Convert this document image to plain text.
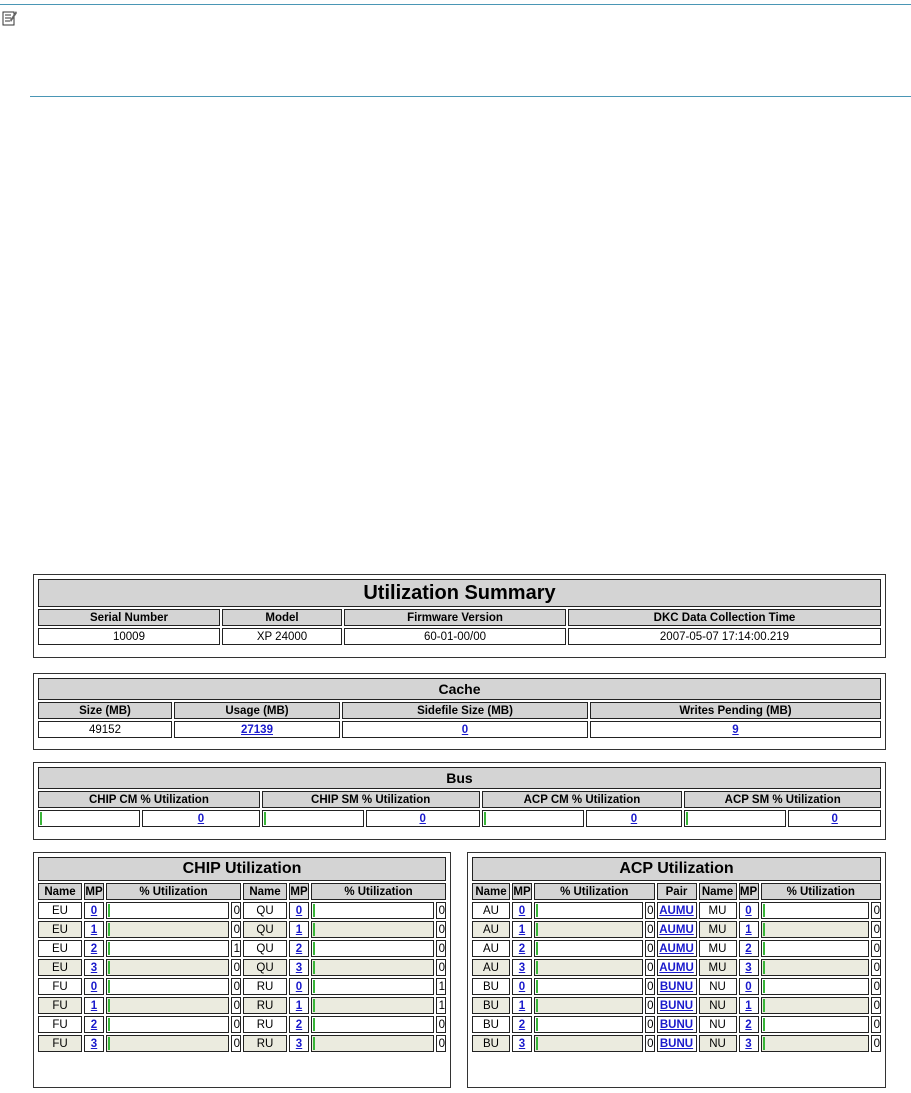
Utilization Summary			
Serial Number	Model	Firmware Version	DKC Data Collection Time
10009	XP 24000	60-01-00/00	2007-05-07 17:14:00.219
Cache			
Size (MB)	Usage (MB)	Sidefile Size (MB)	Writes Pending (MB)
49152	27139	0	9
Bus							
CHIP CM % Utilization		CHIP SM % Utilization		ACP CM % Utilization		ACP SM % Utilization	

	0		0		0		0
CHIP Utilization							
Name	MP	% Utilization		Name	MP	% Utilization	
EU	0		0	QU	0		0
EU	1		0	QU	1		0
EU	2		1	QU	2		0
EU	3		0	QU	3		0
FU	0		0	RU	0		1
FU	1		0	RU	1		1
FU	2		0	RU	2		0
FU	3		0	RU	3		0
ACP Utilization								
Name	MP	% Utilization		Pair	Name	MP	% Utilization	
AU	0		0	AUMU	MU	0		0
AU	1		0	AUMU	MU	1		0
AU	2		0	AUMU	MU	2		0
AU	3		0	AUMU	MU	3		0
BU	0		0	BUNU	NU	0		0
BU	1		0	BUNU	NU	1		0
BU	2		0	BUNU	NU	2		0
BU	3		0	BUNU	NU	3		0
